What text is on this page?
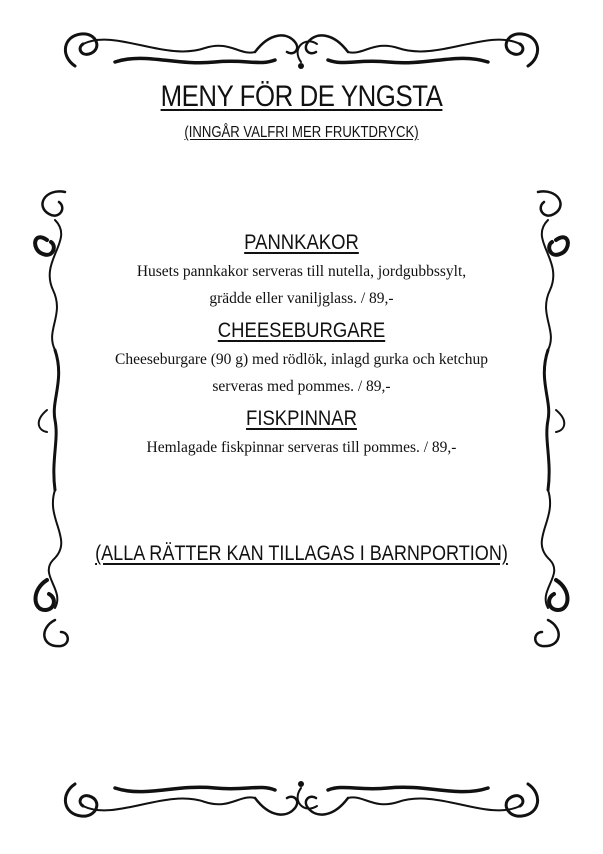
MENY FÖR DE YNGSTA
(INNGÅR VALFRI MER FRUKTDRYCK)

PANNKAKOR

Husets pannkakor serveras till nutella, jordgubbssylt,

grädde eller vaniljglass. / 89,-

CHEESEBURGARE

Cheeseburgare (90 g) med rödlök, inlagd gurka och ketchup

serveras med pommes. / 89,-

FISKPINNAR

Hemlagade fiskpinnar serveras till pommes. / 89,-

(ALLA RÄTTER KAN TILLAGAS I BARNPORTION)
